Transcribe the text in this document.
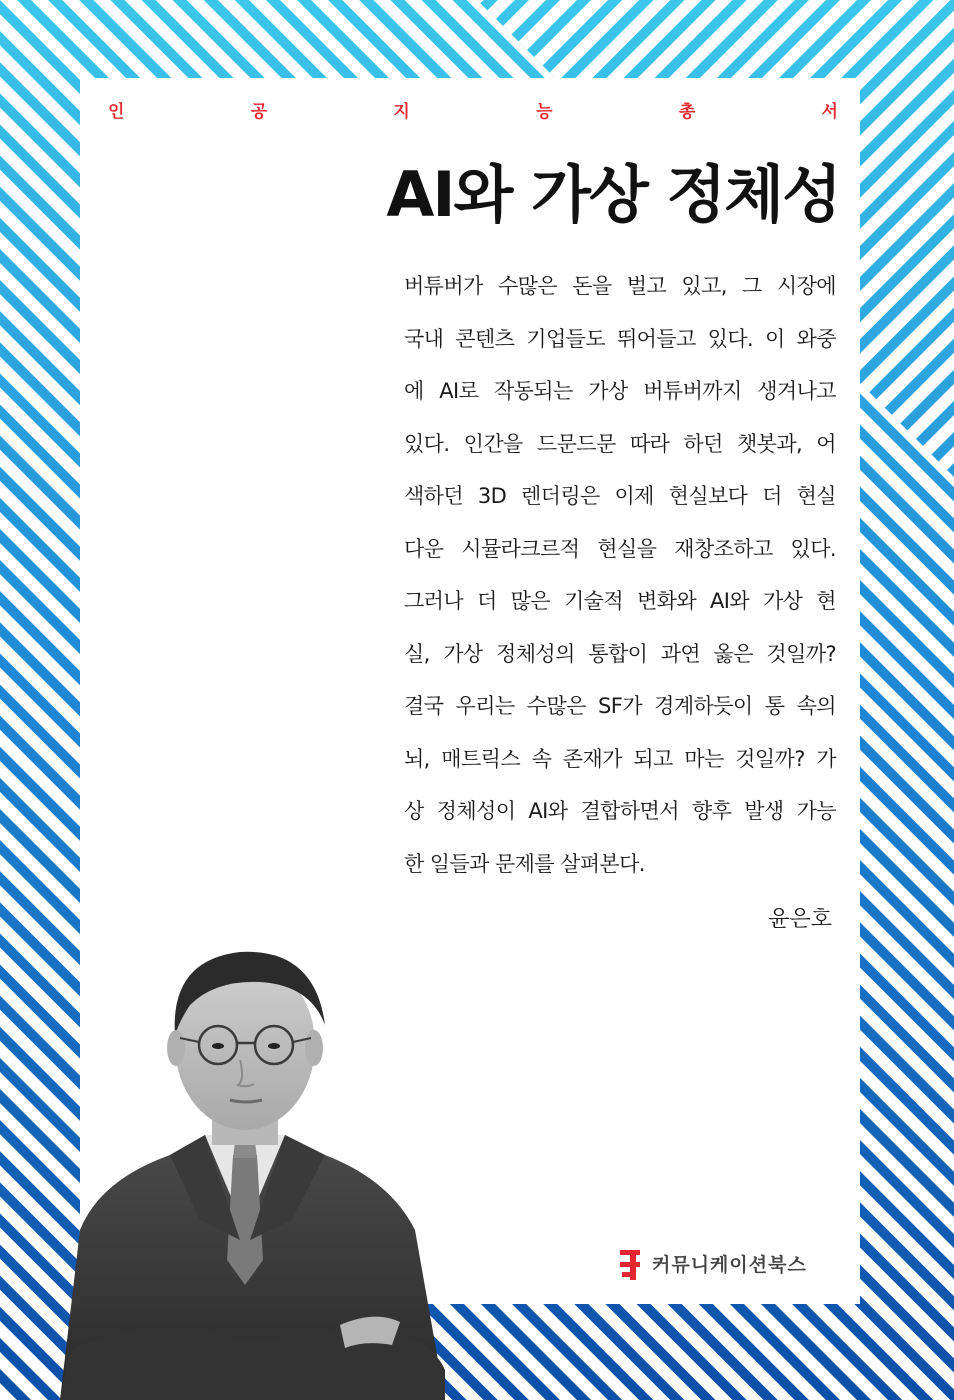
인	공	지	능	총	서
AI와 가상 정체성
버튜버가 수많은 돈을 벌고 있고, 그 시장에
국내 콘텐츠 기업들도 뛰어들고 있다. 이 와중
에 AI로 작동되는 가상 버튜버까지 생겨나고
있다. 인간을 드문드문 따라 하던 챗봇과, 어
색하던 3D 렌더링은 이제 현실보다 더 현실
다운 시뮬라크르적 현실을 재창조하고 있다.
그러나 더 많은 기술적 변화와 AI와 가상 현
실, 가상 정체성의 통합이 과연 옳은 것일까?
결국 우리는 수많은 SF가 경계하듯이 통 속의
뇌, 매트릭스 속 존재가 되고 마는 것일까? 가
상 정체성이 AI와 결합하면서 향후 발생 가능
한 일들과 문제를 살펴본다.
윤은호
커뮤니케이션북스
